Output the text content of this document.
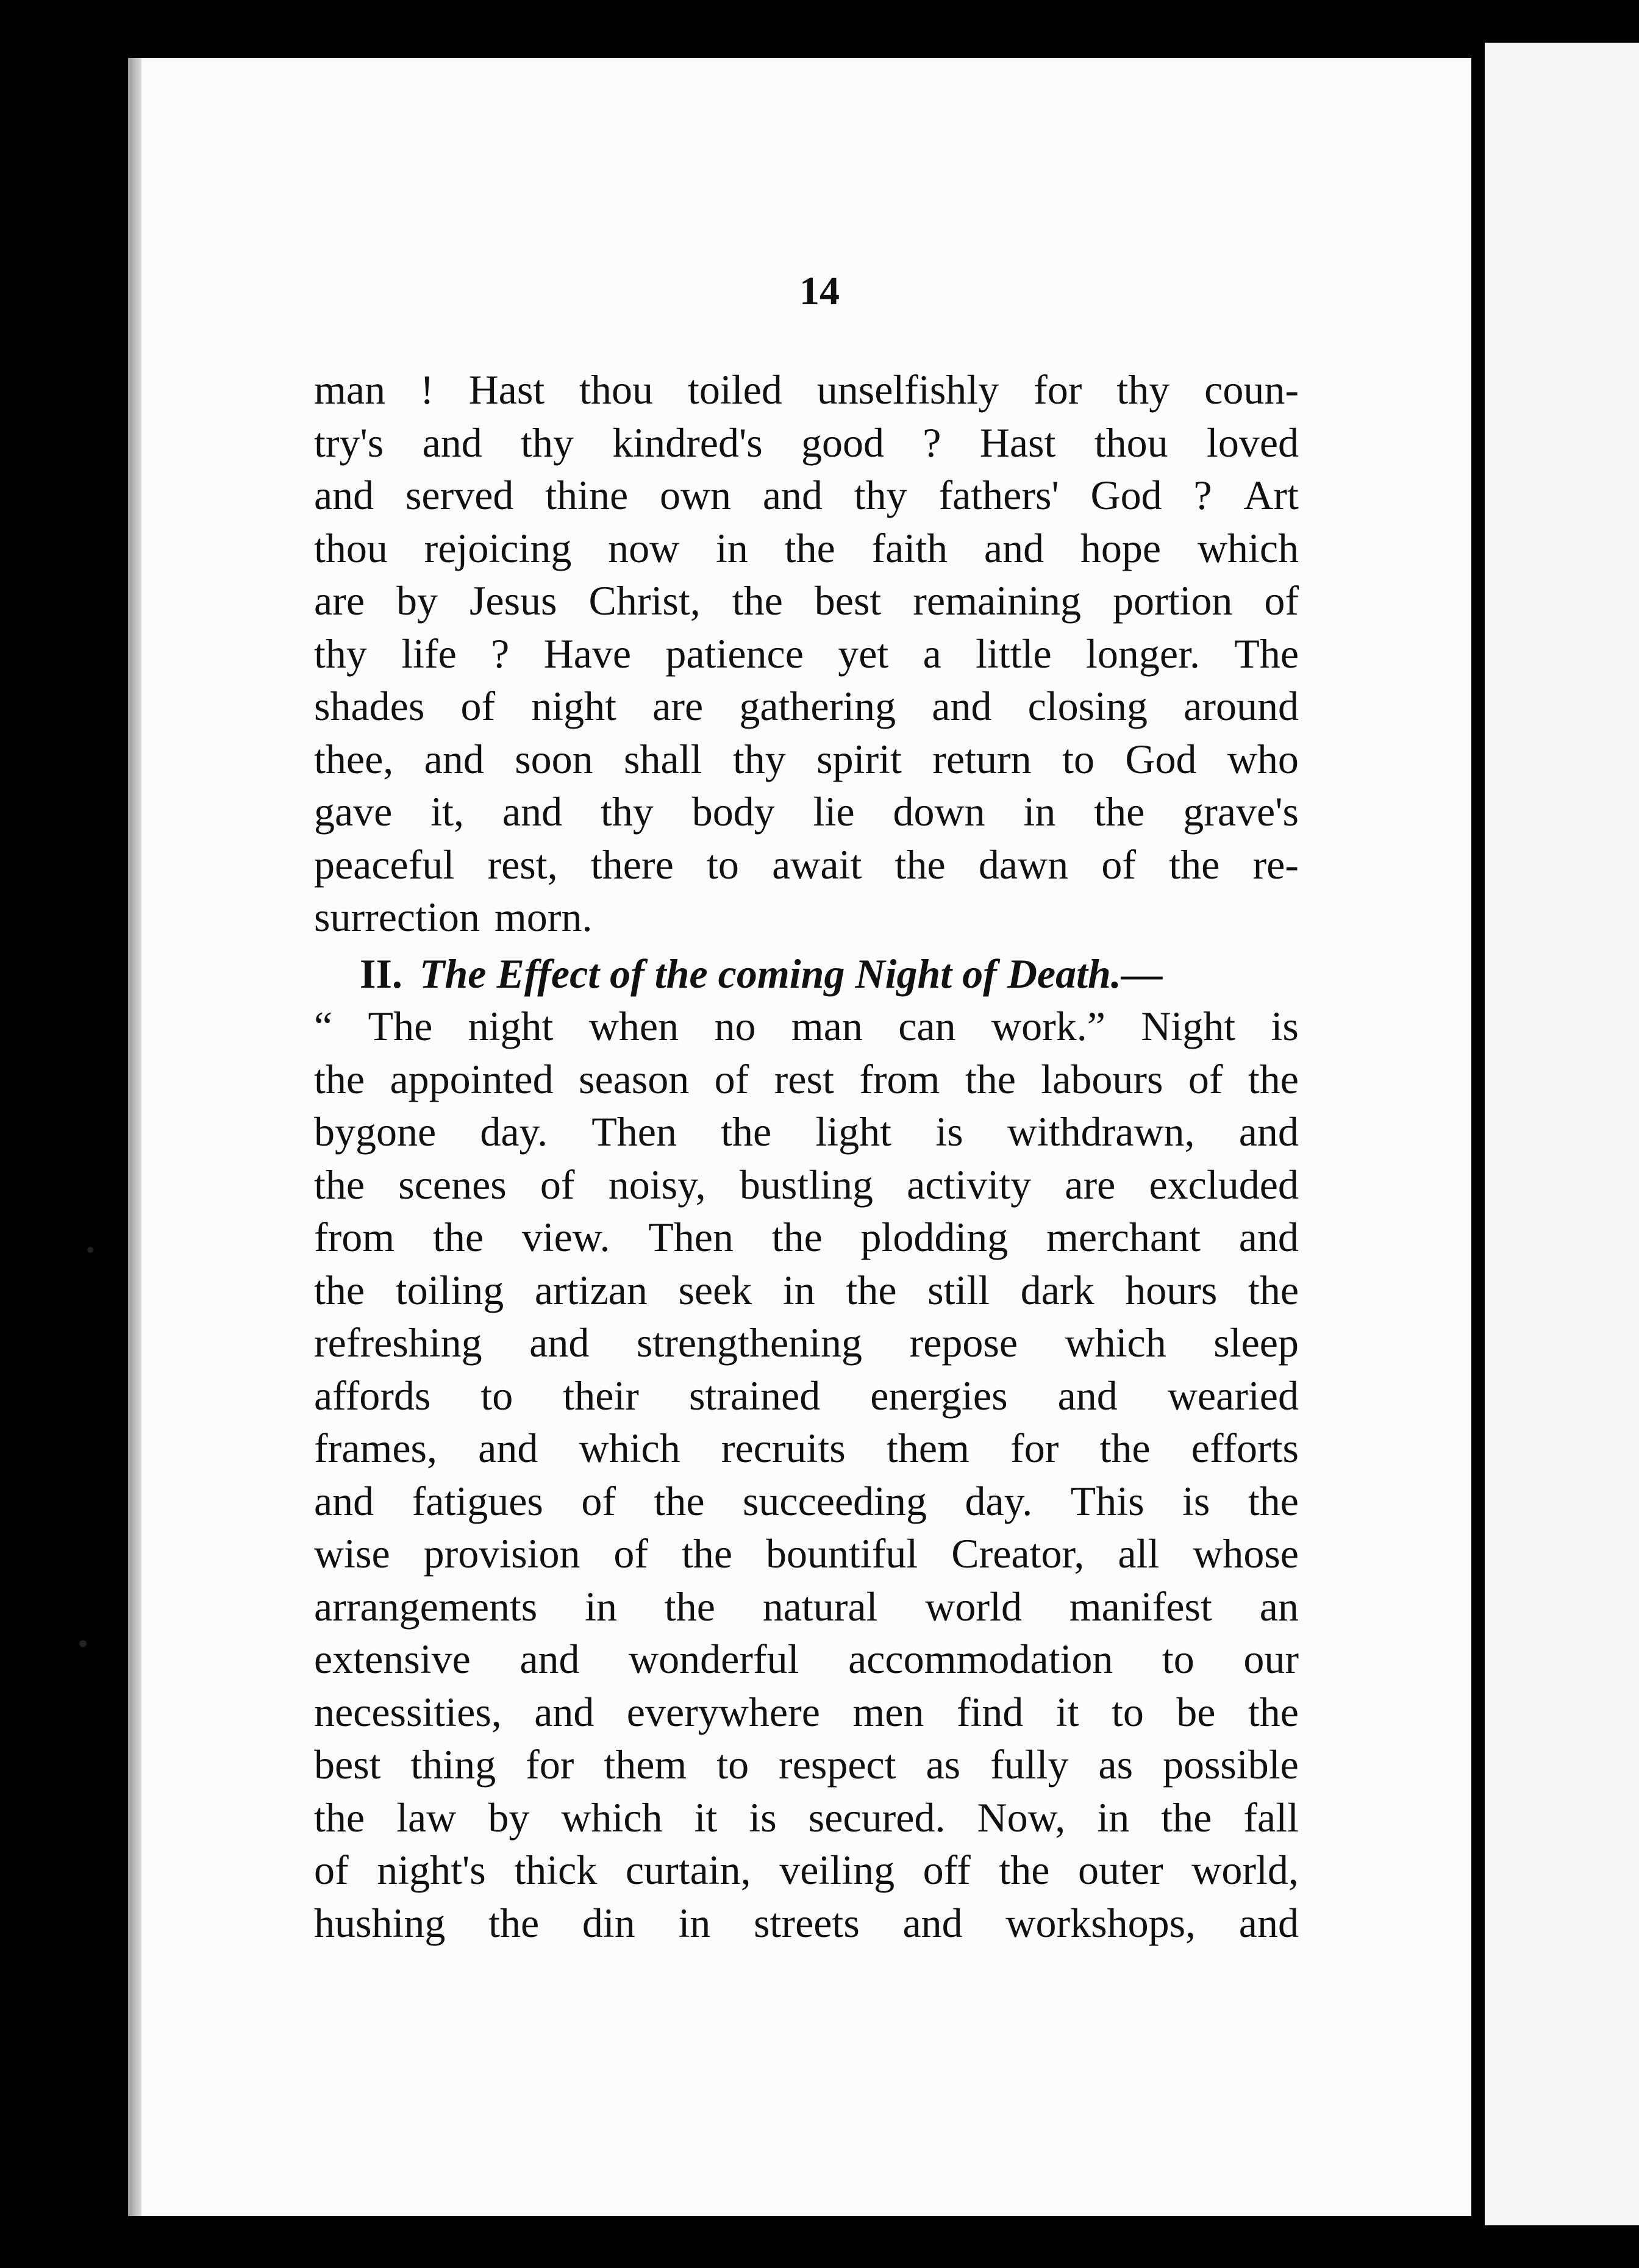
14
man ! Hast thou toiled unselfishly for thy coun-
try's and thy kindred's good ? Hast thou loved
and served thine own and thy fathers' God ? Art
thou rejoicing now in the faith and hope which
are by Jesus Christ, the best remaining portion of
thy life ? Have patience yet a little longer. The
shades of night are gathering and closing around
thee, and soon shall thy spirit return to God who
gave it, and thy body lie down in the grave's
peaceful rest, there to await the dawn of the re-
surrection morn.
II. The Effect of the coming Night of Death.—
“ The night when no man can work.” Night is
the appointed season of rest from the labours of the
bygone day. Then the light is withdrawn, and
the scenes of noisy, bustling activity are excluded
from the view. Then the plodding merchant and
the toiling artizan seek in the still dark hours the
refreshing and strengthening repose which sleep
affords to their strained energies and wearied
frames, and which recruits them for the efforts
and fatigues of the succeeding day. This is the
wise provision of the bountiful Creator, all whose
arrangements in the natural world manifest an
extensive and wonderful accommodation to our
necessities, and everywhere men find it to be the
best thing for them to respect as fully as possible
the law by which it is secured. Now, in the fall
of night's thick curtain, veiling off the outer world,
hushing the din in streets and workshops, and
